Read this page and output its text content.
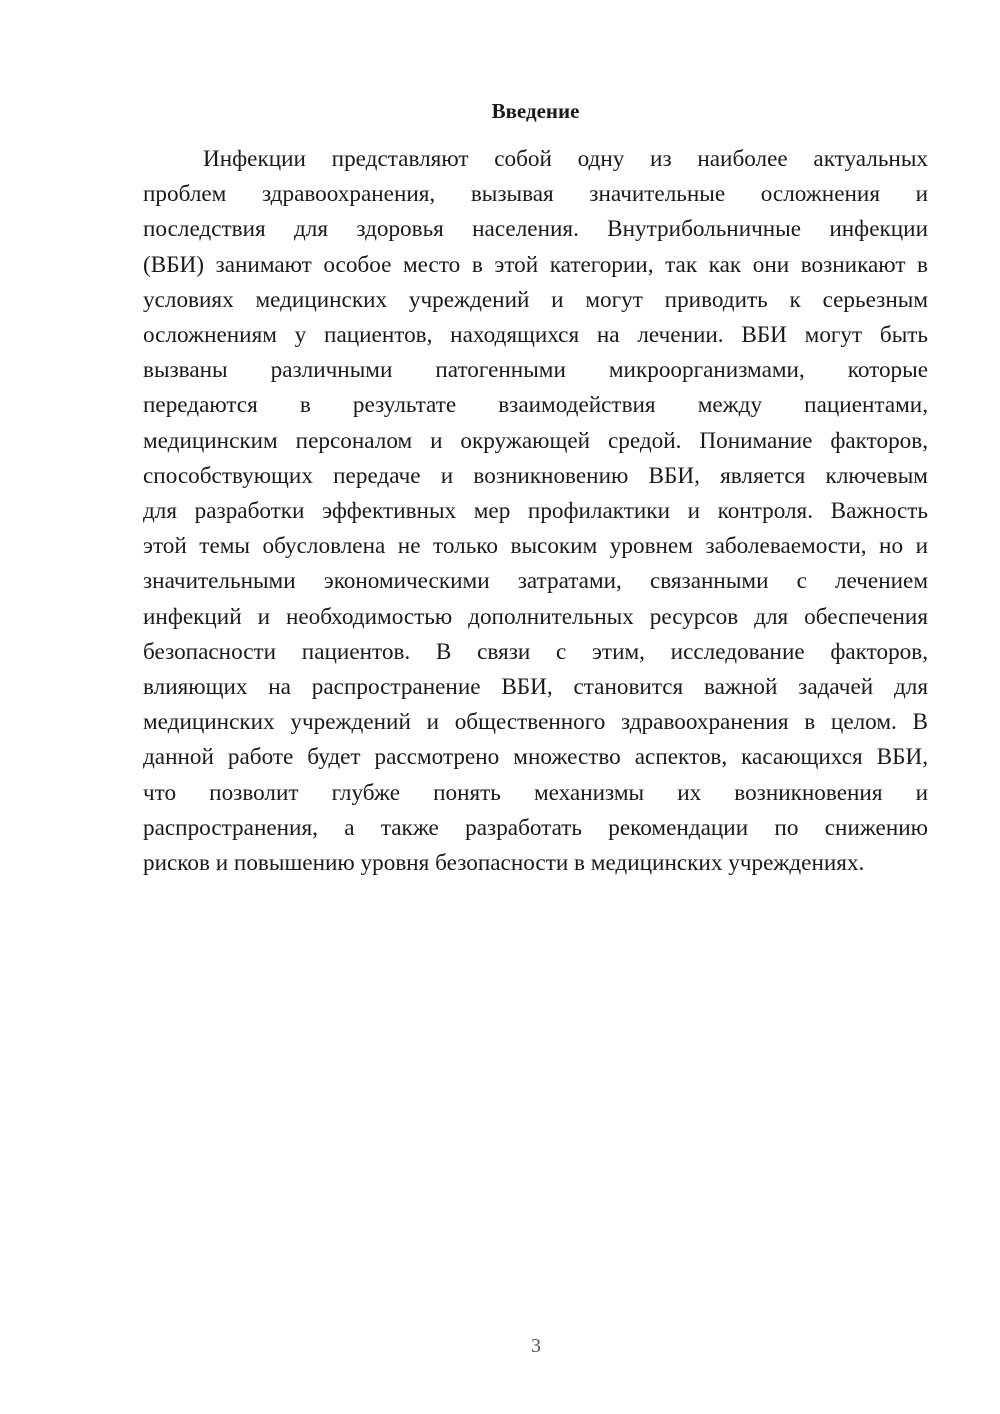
Введение
Инфекции представляют собой одну из наиболее актуальных
проблем здравоохранения, вызывая значительные осложнения и
последствия для здоровья населения. Внутрибольничные инфекции
(ВБИ) занимают особое место в этой категории, так как они возникают в
условиях медицинских учреждений и могут приводить к серьезным
осложнениям у пациентов, находящихся на лечении. ВБИ могут быть
вызваны различными патогенными микроорганизмами, которые
передаются в результате взаимодействия между пациентами,
медицинским персоналом и окружающей средой. Понимание факторов,
способствующих передаче и возникновению ВБИ, является ключевым
для разработки эффективных мер профилактики и контроля. Важность
этой темы обусловлена не только высоким уровнем заболеваемости, но и
значительными экономическими затратами, связанными с лечением
инфекций и необходимостью дополнительных ресурсов для обеспечения
безопасности пациентов. В связи с этим, исследование факторов,
влияющих на распространение ВБИ, становится важной задачей для
медицинских учреждений и общественного здравоохранения в целом. В
данной работе будет рассмотрено множество аспектов, касающихся ВБИ,
что позволит глубже понять механизмы их возникновения и
распространения, а также разработать рекомендации по снижению
рисков и повышению уровня безопасности в медицинских учреждениях.
3
